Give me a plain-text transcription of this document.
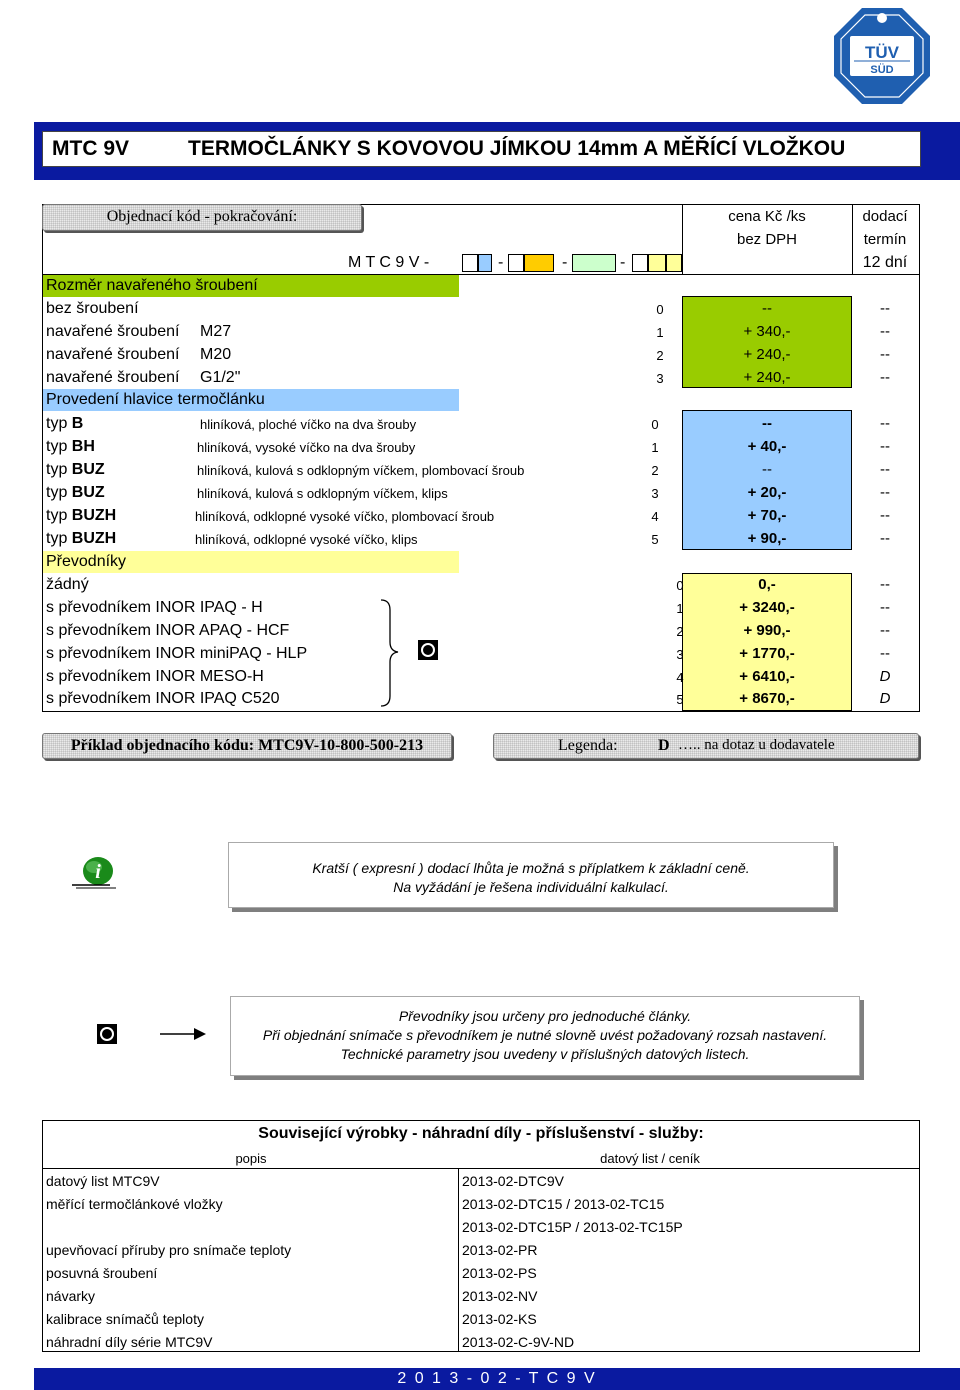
TÜV
SÜD
MTC 9V	TERMOČLÁNKY S KOVOVOU JÍMKOU 14mm A MĚŘÍCÍ VLOŽKOU
Objednací kód - pokračování:	cena Kč /ks
bez DPH
dodací
termín
M T C 9 V -	-	-	-	12 dní
Rozměr navařeného šroubení
bez šroubení	0	--	--
navařené šroubení M27	1	+ 340,-	--
navařené šroubení M20	2	+ 240,-	--
navařené šroubení G1/2"	3	+ 240,-	--
Provedení hlavice termočlánku
typ B	hliníková, ploché víčko na dva šrouby	0	--	--
typ BH	hliníková, vysoké víčko na dva šrouby	1	+ 40,-	--
typ BUZ	hliníková, kulová s odklopným víčkem, plombovací šroub	2	--	--
typ BUZ	hliníková, kulová s odklopným víčkem, klips	3	+ 20,-	--
typ BUZH	hliníková, odklopné vysoké víčko, plombovací šroub	4	+ 70,-	--
typ BUZH	hliníková, odklopné vysoké víčko, klips	5	+ 90,-	--
Převodníky
žádný	0	0,-	--
s převodníkem INOR IPAQ - H	1	+ 3240,-	--
s převodníkem INOR APAQ - HCF	2	+ 990,-	--
s převodníkem INOR miniPAQ - HLP	3	+ 1770,-	--
s převodníkem INOR MESO-H	4	+ 6410,-	D
s převodníkem INOR IPAQ C520	5	+ 8670,-	D
Příklad objednacího kódu: MTC9V-10-800-500-213	Legenda:	D ….. na dotaz u dodavatele
i	Kratší ( expresní ) dodací lhůta je možná s příplatkem k základní ceně.
Na vyžádání je řešena individuální kalkulací.
Převodníky jsou určeny pro jednoduché články.
Při objednání snímače s převodníkem je nutné slovně uvést požadovaný rozsah nastavení.
Technické parametry jsou uvedeny v příslušných datových listech.
Související výrobky - náhradní díly - příslušenství - služby:
popis	datový list / ceník
datový list MTC9V	2013-02-DTC9V
měřící termočlánkové vložky	2013-02-DTC15 / 2013-02-TC15
2013-02-DTC15P / 2013-02-TC15P
upevňovací příruby pro snímače teploty	2013-02-PR
posuvná šroubení	2013-02-PS
návarky	2013-02-NV
kalibrace snímačů teploty	2013-02-KS
náhradní díly série MTC9V	2013-02-C-9V-ND
2 0 1 3 - 0 2 - T C 9 V
